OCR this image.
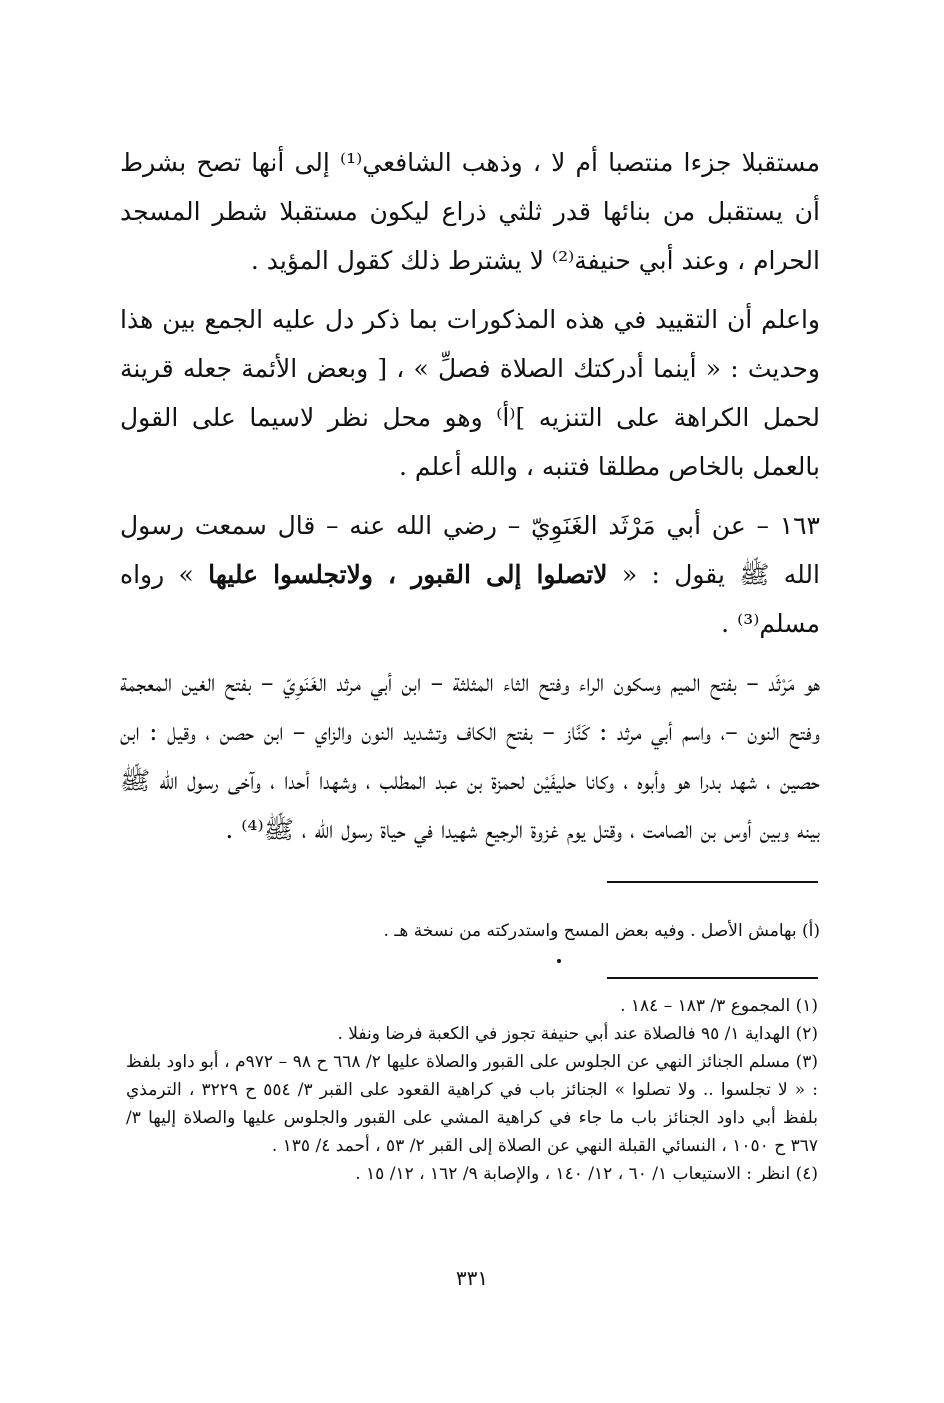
مستقبلا جزءا منتصبا أم لا ، وذهب الشافعي⁽¹⁾ إلى أنها تصح بشرط أن يستقبل من بنائها قدر ثلثي ذراع ليكون مستقبلا شطر المسجد الحرام ، وعند أبي حنيفة⁽²⁾ لا يشترط ذلك كقول المؤيد .

واعلم أن التقييد في هذه المذكورات بما ذكر دل عليه الجمع بين هذا وحديث : « أينما أدركتك الصلاة فصلِّ » ، [ وبعض الأئمة جعله قرينة لحمل الكراهة على التنزيه ]⁽أ⁾ وهو محل نظر لاسيما على القول بالعمل بالخاص مطلقا فتنبه ، والله أعلم .

١٦٣ – عن أبي مَرْثَد الغَنَوِيّ – رضي الله عنه – قال سمعت رسول الله ﷺ يقول : « لاتصلوا إلى القبور ، ولاتجلسوا عليها » رواه مسلم⁽³⁾ .

هو مَرْثَد – بفتح الميم وسكون الراء وفتح الثاء المثلثة – ابن أبي مرثد الغَنَوِيّ – بفتح الغين المعجمة وفتح النون –، واسم أبي مرثد : كَنَّاز – بفتح الكاف وتشديد النون والزاي – ابن حصن ، وقيل : ابن حصين ، شهد بدرا هو وأبوه ، وكانا حليفَيْن لحمزة بن عبد المطلب ، وشهدا أحدا ، وآخى رسول الله ﷺ بينه وبين أوس بن الصامت ، وقتل يوم غزوة الرجيع شهيدا في حياة رسول الله ، ﷺ⁽⁴⁾ .

(أ) بهامش الأصل . وفيه بعض المسح واستدركته من نسخة هـ .
(١) المجموع ٣/ ١٨٣ – ١٨٤ .
(٢) الهداية ١/ ٩٥ فالصلاة عند أبي حنيفة تجوز في الكعبة فرضا ونفلا .
(٣) مسلم الجنائز النهي عن الجلوس على القبور والصلاة عليها ٢/ ٦٦٨ ح ٩٨ – ٩٧٢م ، أبو داود بلفظ : « لا تجلسوا .. ولا تصلوا » الجنائز باب في كراهية القعود على القبر ٣/ ٥٥٤ ح ٣٢٢٩ ، الترمذي بلفظ أبي داود الجنائز باب ما جاء في كراهية المشي على القبور والجلوس عليها والصلاة إليها ٣/ ٣٦٧ ح ١٠٥٠ ، النسائي القبلة النهي عن الصلاة إلى القبر ٢/ ٥٣ ، أحمد ٤/ ١٣٥ .
(٤) انظر : الاستيعاب ١/ ٦٠ ، ١٢/ ١٤٠ ، والإصابة ٩/ ١٦٢ ، ١٢/ ١٥ .
٣٣١
